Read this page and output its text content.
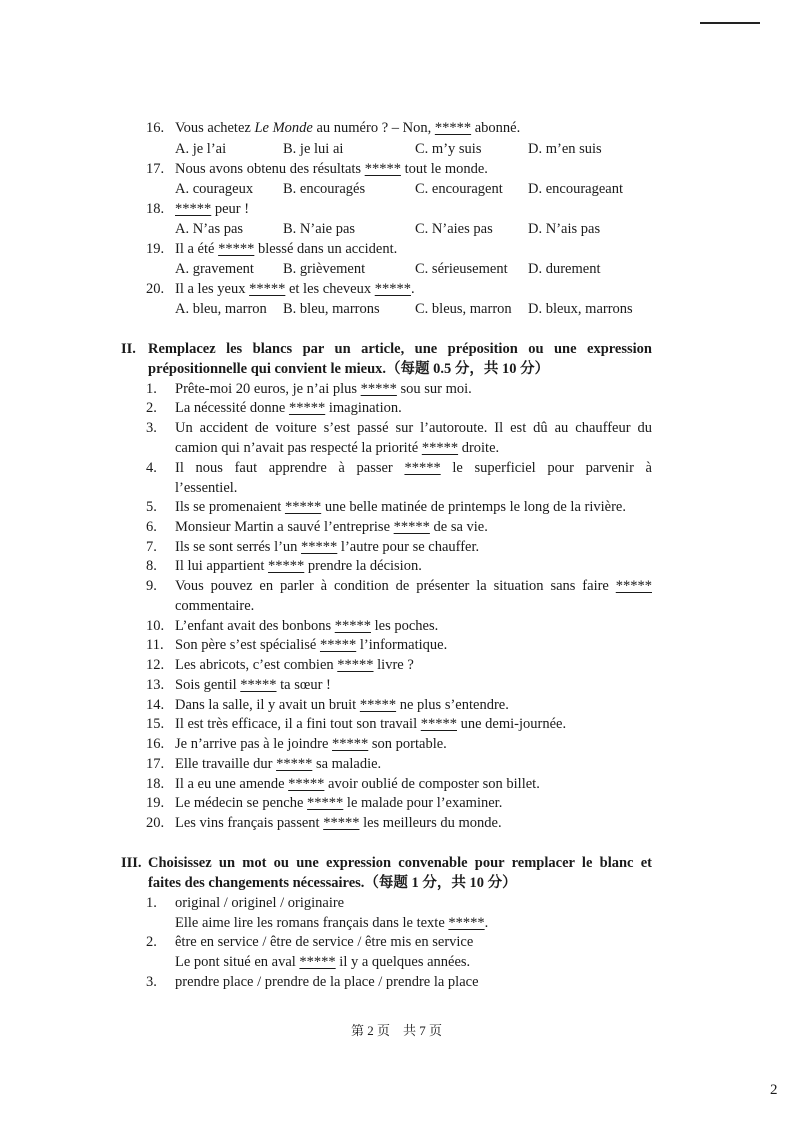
16. Vous achetez Le Monde au numéro ? – Non, ***** abonné.
A. je l’ai	B. je lui ai	C. m’y suis	D. m’en suis
17. Nous avons obtenu des résultats ***** tout le monde.
A. courageux B. encouragés	C. encouragent D. encourageant
18. ***** peur !
A. N’as pas	B. N’aie pas	C. N’aies pas D. N’ais pas
19. Il a été ***** blessé dans un accident.
A. gravement B. grièvement	C. sérieusement D. durement
20. Il a les yeux ***** et les cheveux *****.
A. bleu, marron B. bleu, marrons C. bleus, marron D. bleux, marrons
II. Remplacez les blancs par un article, une préposition ou une expression
prépositionnelle qui convient le mieux.（每题 0.5 分，共 10 分）
1. Prête-moi 20 euros, je n’ai plus ***** sou sur moi.
2. La nécessité donne ***** imagination.
3. Un accident de voiture s’est passé sur l’autoroute. Il est dû au chauffeur du
camion qui n’avait pas respecté la priorité ***** droite.
4. Il nous faut apprendre à passer ***** le superficiel pour parvenir à
l’essentiel.
5. Ils se promenaient ***** une belle matinée de printemps le long de la rivière.
6. Monsieur Martin a sauvé l’entreprise ***** de sa vie.
7. Ils se sont serrés l’un ***** l’autre pour se chauffer.
8. Il lui appartient ***** prendre la décision.
9. Vous pouvez en parler à condition de présenter la situation sans faire *****
commentaire.
10. L’enfant avait des bonbons ***** les poches.
11. Son père s’est spécialisé ***** l’informatique.
12. Les abricots, c’est combien ***** livre ?
13. Sois gentil ***** ta sœur !
14. Dans la salle, il y avait un bruit ***** ne plus s’entendre.
15. Il est très efficace, il a fini tout son travail ***** une demi-journée.
16. Je n’arrive pas à le joindre ***** son portable.
17. Elle travaille dur ***** sa maladie.
18. Il a eu une amende ***** avoir oublié de composter son billet.
19. Le médecin se penche ***** le malade pour l’examiner.
20. Les vins français passent ***** les meilleurs du monde.
III. Choisissez un mot ou une expression convenable pour remplacer le blanc et
faites des changements nécessaires.（每题 1 分，共 10 分）
1. original / originel / originaire
Elle aime lire les romans français dans le texte *****.
2. être en service / être de service / être mis en service
Le pont situé en aval ***** il y a quelques années.
3. prendre place / prendre de la place / prendre la place
第 2 页　共 7 页
2
